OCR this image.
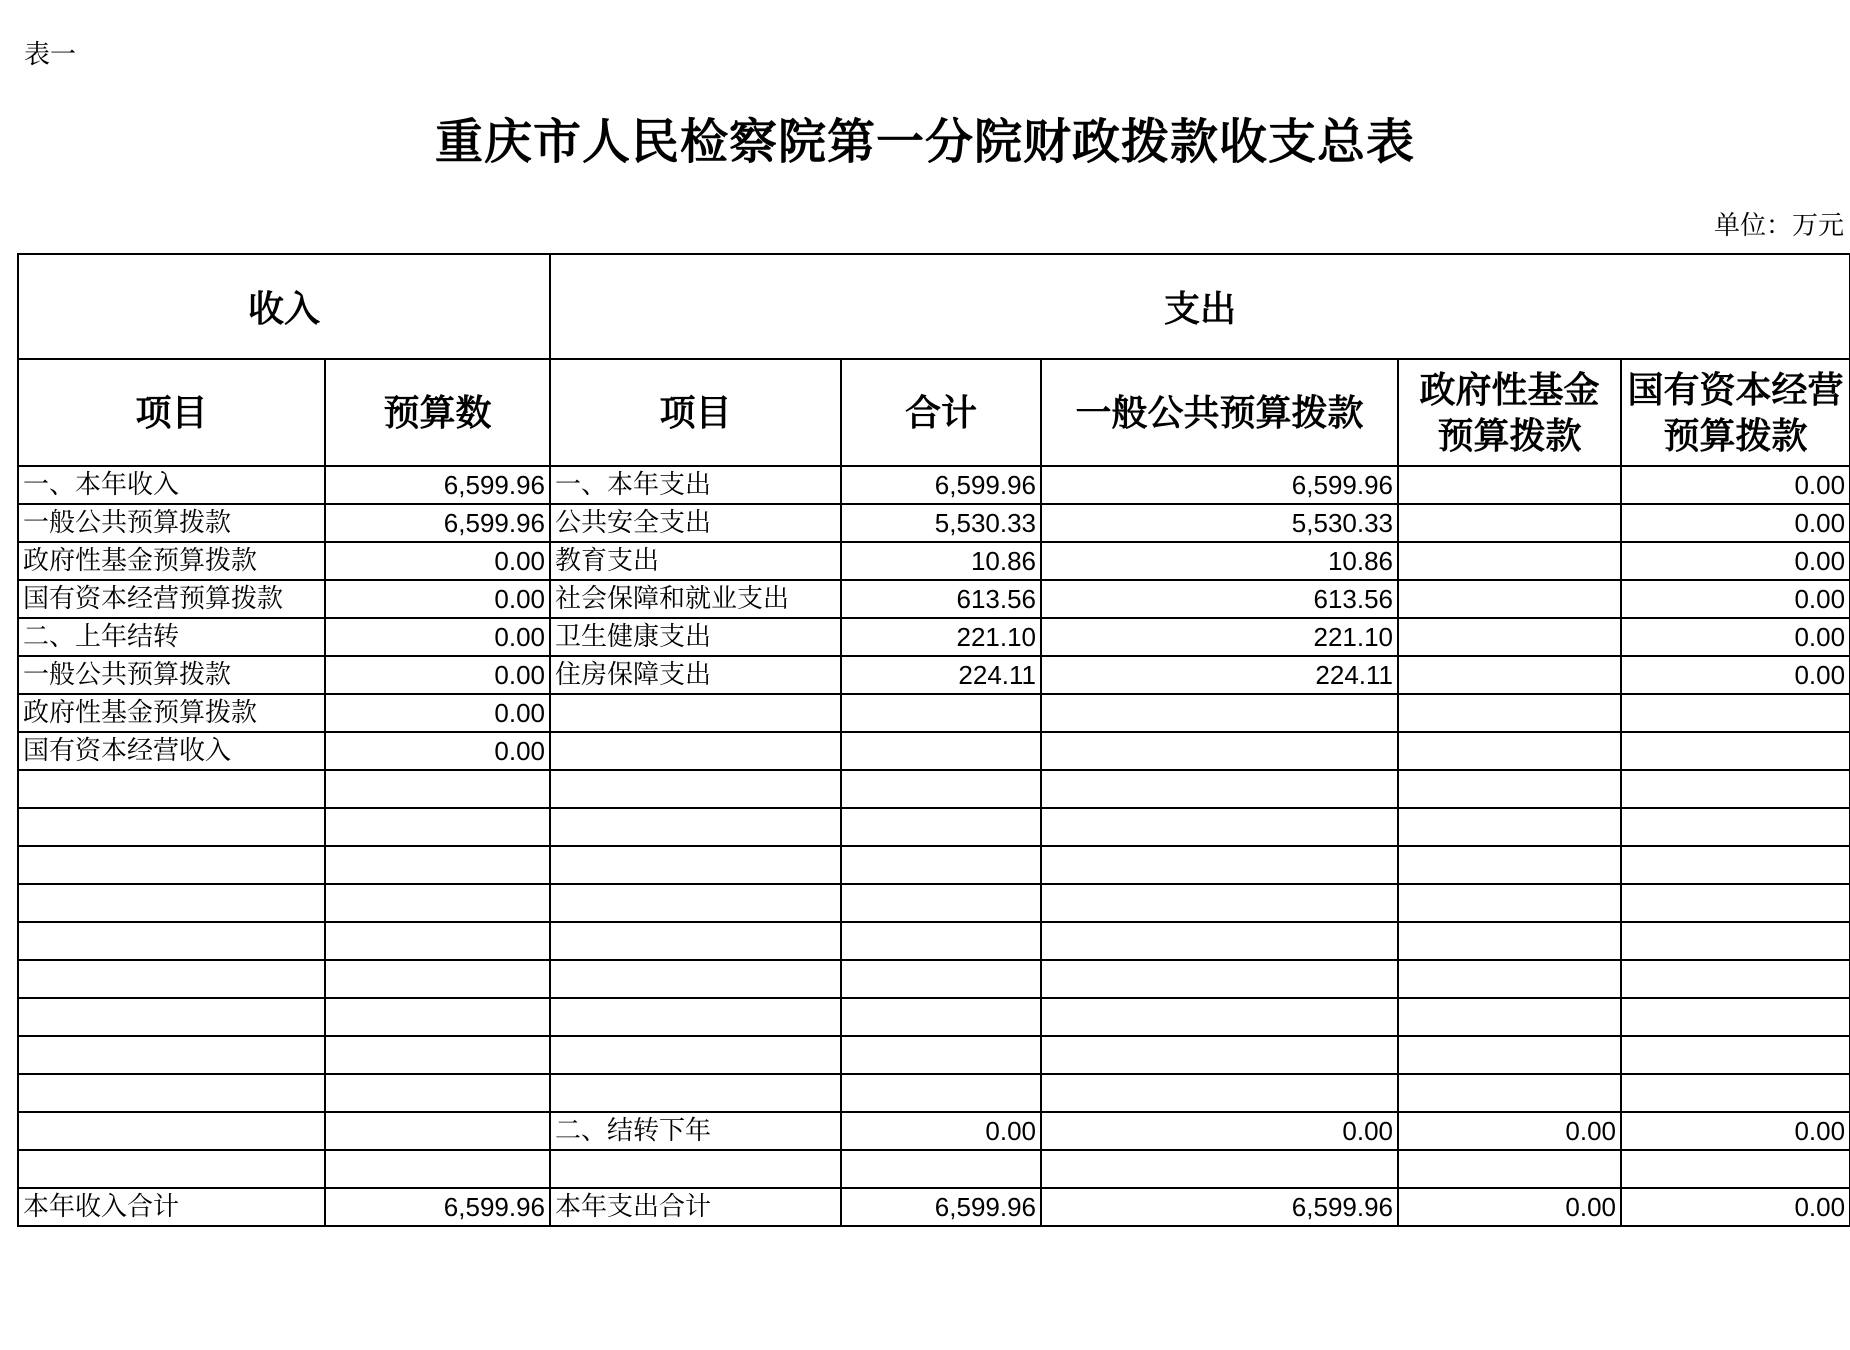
表一
重庆市人民检察院第一分院财政拨款收支总表
单位：万元
收入		支出				
项目	预算数	项目	合计	一般公共预算拨款	政府性基金预算拨款	国有资本经营预算拨款
一、本年收入	6,599.96	一、本年支出	6,599.96	6,599.96		0.00
一般公共预算拨款	6,599.96	公共安全支出	5,530.33	5,530.33		0.00
政府性基金预算拨款	0.00	教育支出	10.86	10.86		0.00
国有资本经营预算拨款	0.00	社会保障和就业支出	613.56	613.56		0.00
二、上年结转	0.00	卫生健康支出	221.10	221.10		0.00
一般公共预算拨款	0.00	住房保障支出	224.11	224.11		0.00
政府性基金预算拨款	0.00					
国有资本经营收入	0.00					

		二、结转下年	0.00	0.00	0.00	0.00

本年收入合计	6,599.96	本年支出合计	6,599.96	6,599.96	0.00	0.00
